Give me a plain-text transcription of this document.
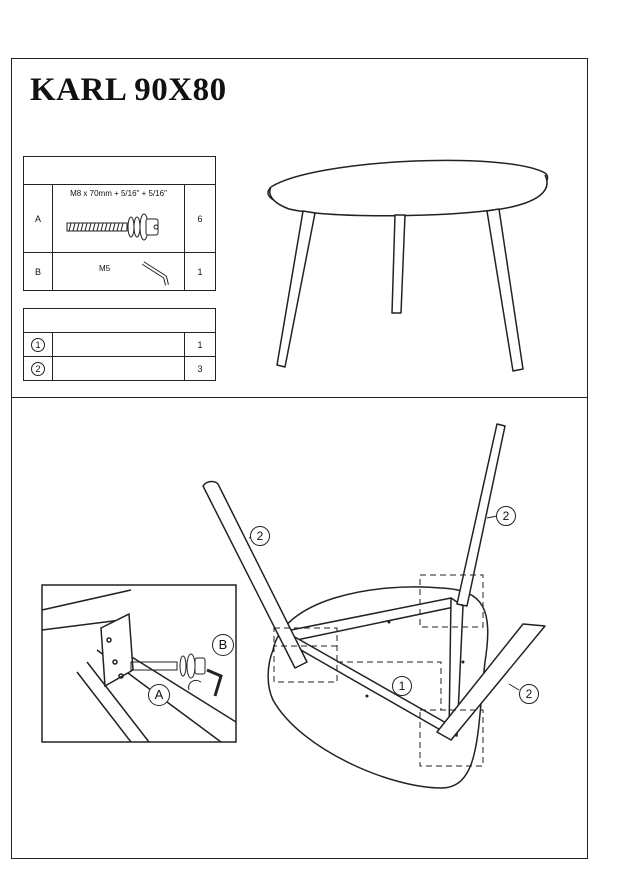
KARL 90X80

A	M8 x 70mm + 5/16" + 5/16"	6
B	M5	1

1		1
2		3
2
2
2
1
A
B
